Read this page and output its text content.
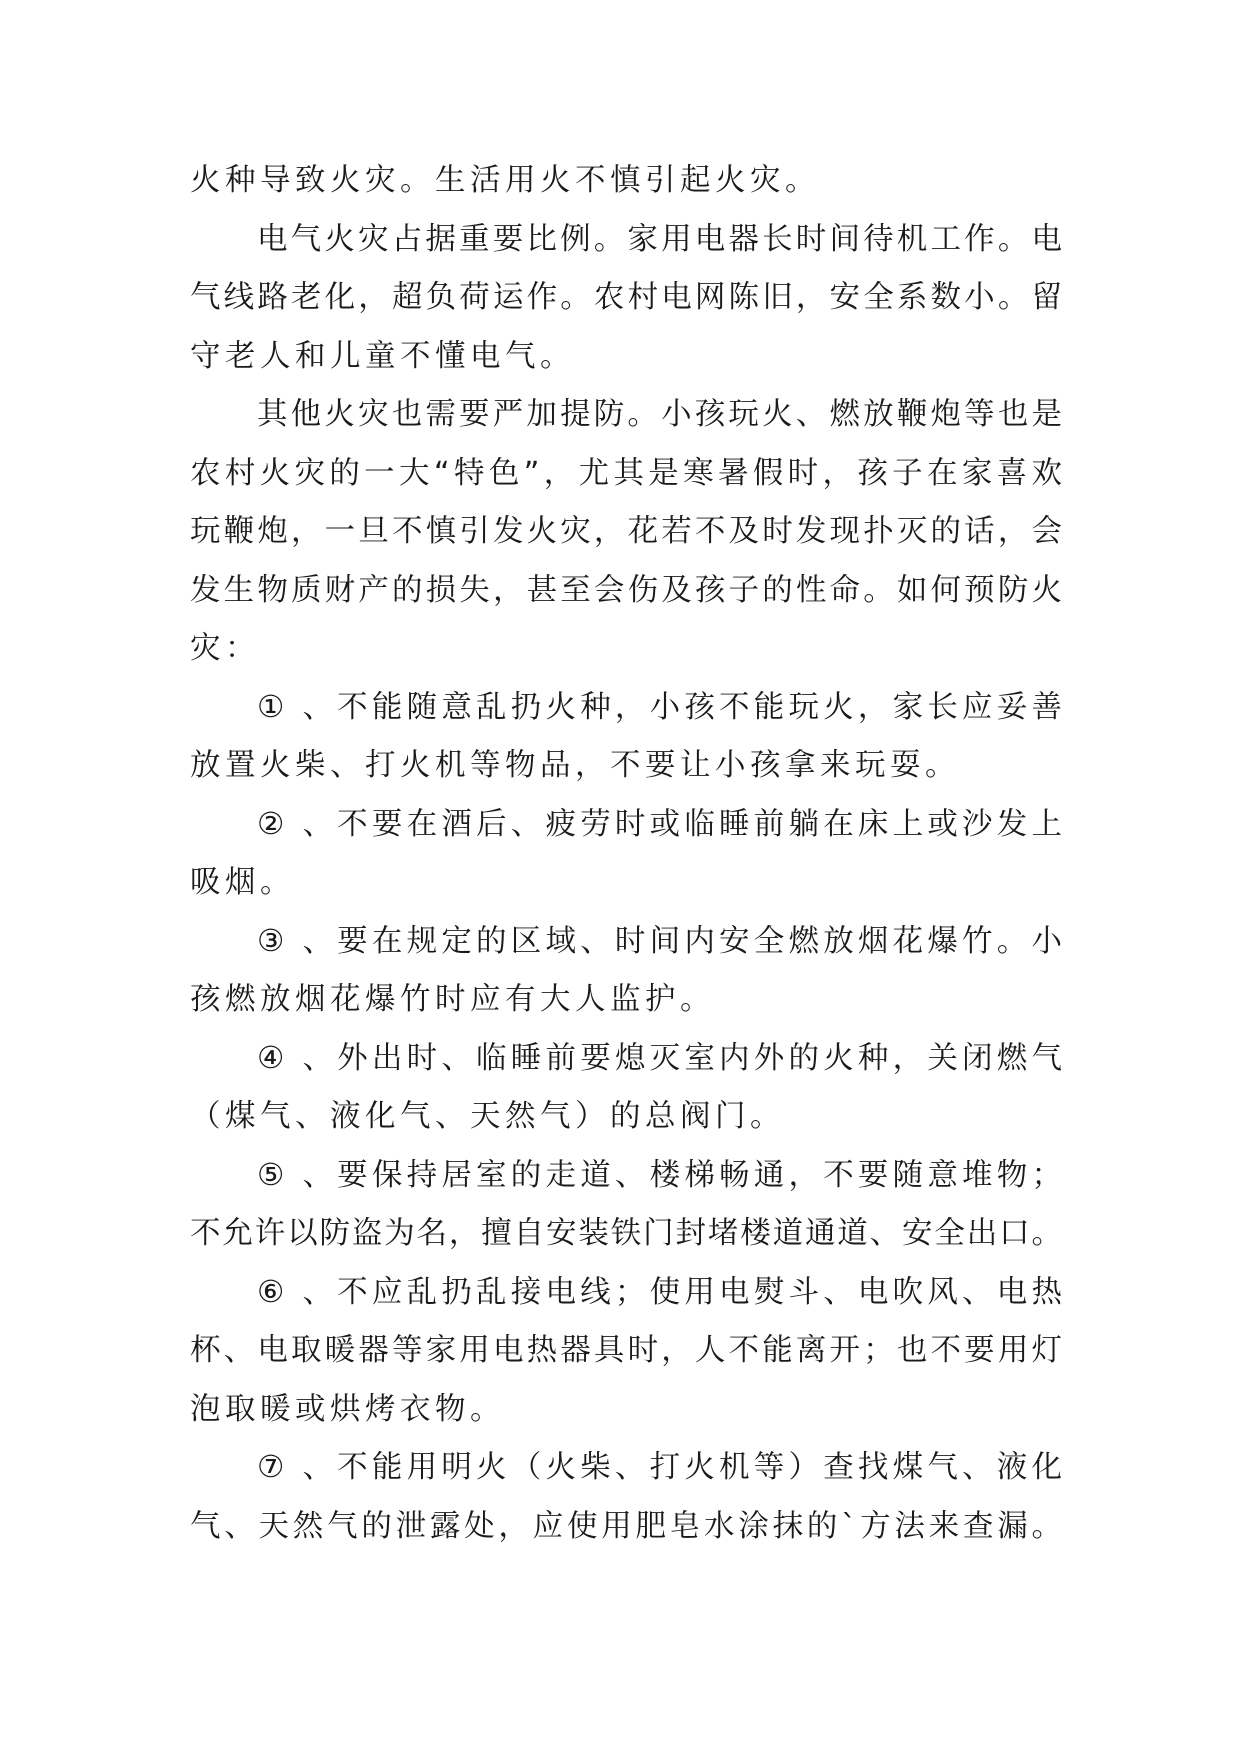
火种导致火灾。生活用火不慎引起火灾。
电气火灾占据重要比例。家用电器长时间待机工作。电
气线路老化，超负荷运作。农村电网陈旧，安全系数小。留
守老人和儿童不懂电气。
其他火灾也需要严加提防。小孩玩火、燃放鞭炮等也是
农村火灾的一大“特色”，尤其是寒暑假时，孩子在家喜欢
玩鞭炮，一旦不慎引发火灾，花若不及时发现扑灭的话，会
发生物质财产的损失，甚至会伤及孩子的性命。如何预防火
灾：
① 、不能随意乱扔火种，小孩不能玩火，家长应妥善
放置火柴、打火机等物品，不要让小孩拿来玩耍。
② 、不要在酒后、疲劳时或临睡前躺在床上或沙发上
吸烟。
③ 、要在规定的区域、时间内安全燃放烟花爆竹。小
孩燃放烟花爆竹时应有大人监护。
④ 、外出时、临睡前要熄灭室内外的火种，关闭燃气
（煤气、液化气、天然气）的总阀门。
⑤ 、要保持居室的走道、楼梯畅通，不要随意堆物；
不允许以防盗为名，擅自安装铁门封堵楼道通道、安全出口。
⑥ 、不应乱扔乱接电线；使用电熨斗、电吹风、电热
杯、电取暖器等家用电热器具时，人不能离开；也不要用灯
泡取暖或烘烤衣物。
⑦ 、不能用明火（火柴、打火机等）查找煤气、液化
气、天然气的泄露处，应使用肥皂水涂抹的`方法来查漏。
